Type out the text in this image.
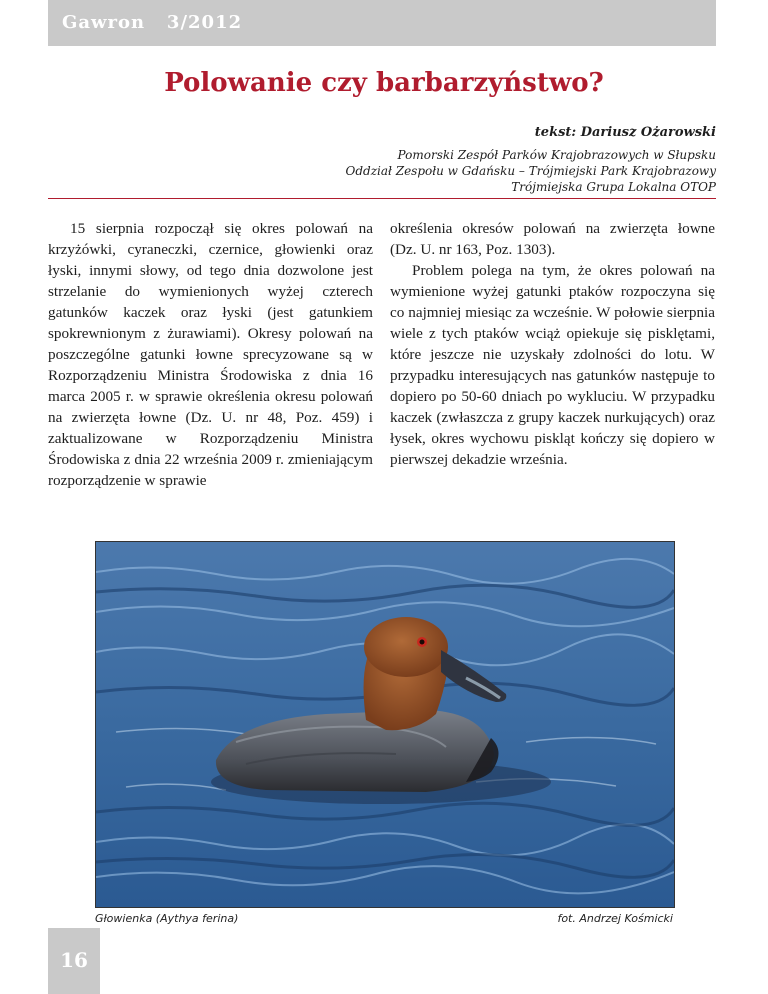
Gawron 3/2012
Polowanie czy barbarzyństwo?
tekst: Dariusz Ożarowski
Pomorski Zespół Parków Krajobrazowych w Słupsku
Oddział Zespołu w Gdańsku – Trójmiejski Park Krajobrazowy
Trójmiejska Grupa Lokalna OTOP

15 sierpnia rozpoczął się okres polowań na krzyżówki, cyraneczki, czernice, głowienki oraz łyski, innymi słowy, od tego dnia dozwolone jest strzelanie do wymienionych wyżej czterech gatunków kaczek oraz łyski (jest gatunkiem spokrewnionym z żurawiami). Okresy polowań na poszczególne gatunki łowne sprecyzowane są w Rozporządzeniu Ministra Środowiska z dnia 16 marca 2005 r. w sprawie określenia okresu polowań na zwierzęta łowne (Dz. U. nr 48, Poz. 459) i zaktualizowane w Rozporządzeniu Ministra Środowiska z dnia 22 września 2009 r. zmieniającym rozporządzenie w sprawie

określenia okresów polowań na zwierzęta łowne (Dz. U. nr 163, Poz. 1303).

Problem polega na tym, że okres polowań na wymienione wyżej gatunki ptaków rozpoczyna się co najmniej miesiąc za wcześnie. W połowie sierpnia wiele z tych ptaków wciąż opiekuje się pisklętami, które jeszcze nie uzyskały zdolności do lotu. W przypadku interesujących nas gatunków następuje to dopiero po 50-60 dniach po wykluciu. W przypadku kaczek (zwłaszcza z grupy kaczek nurkujących) oraz łysek, okres wychowu piskląt kończy się dopiero w pierwszej dekadzie września.

Głowienka (Aythya ferina)	fot. Andrzej Kośmicki
16
